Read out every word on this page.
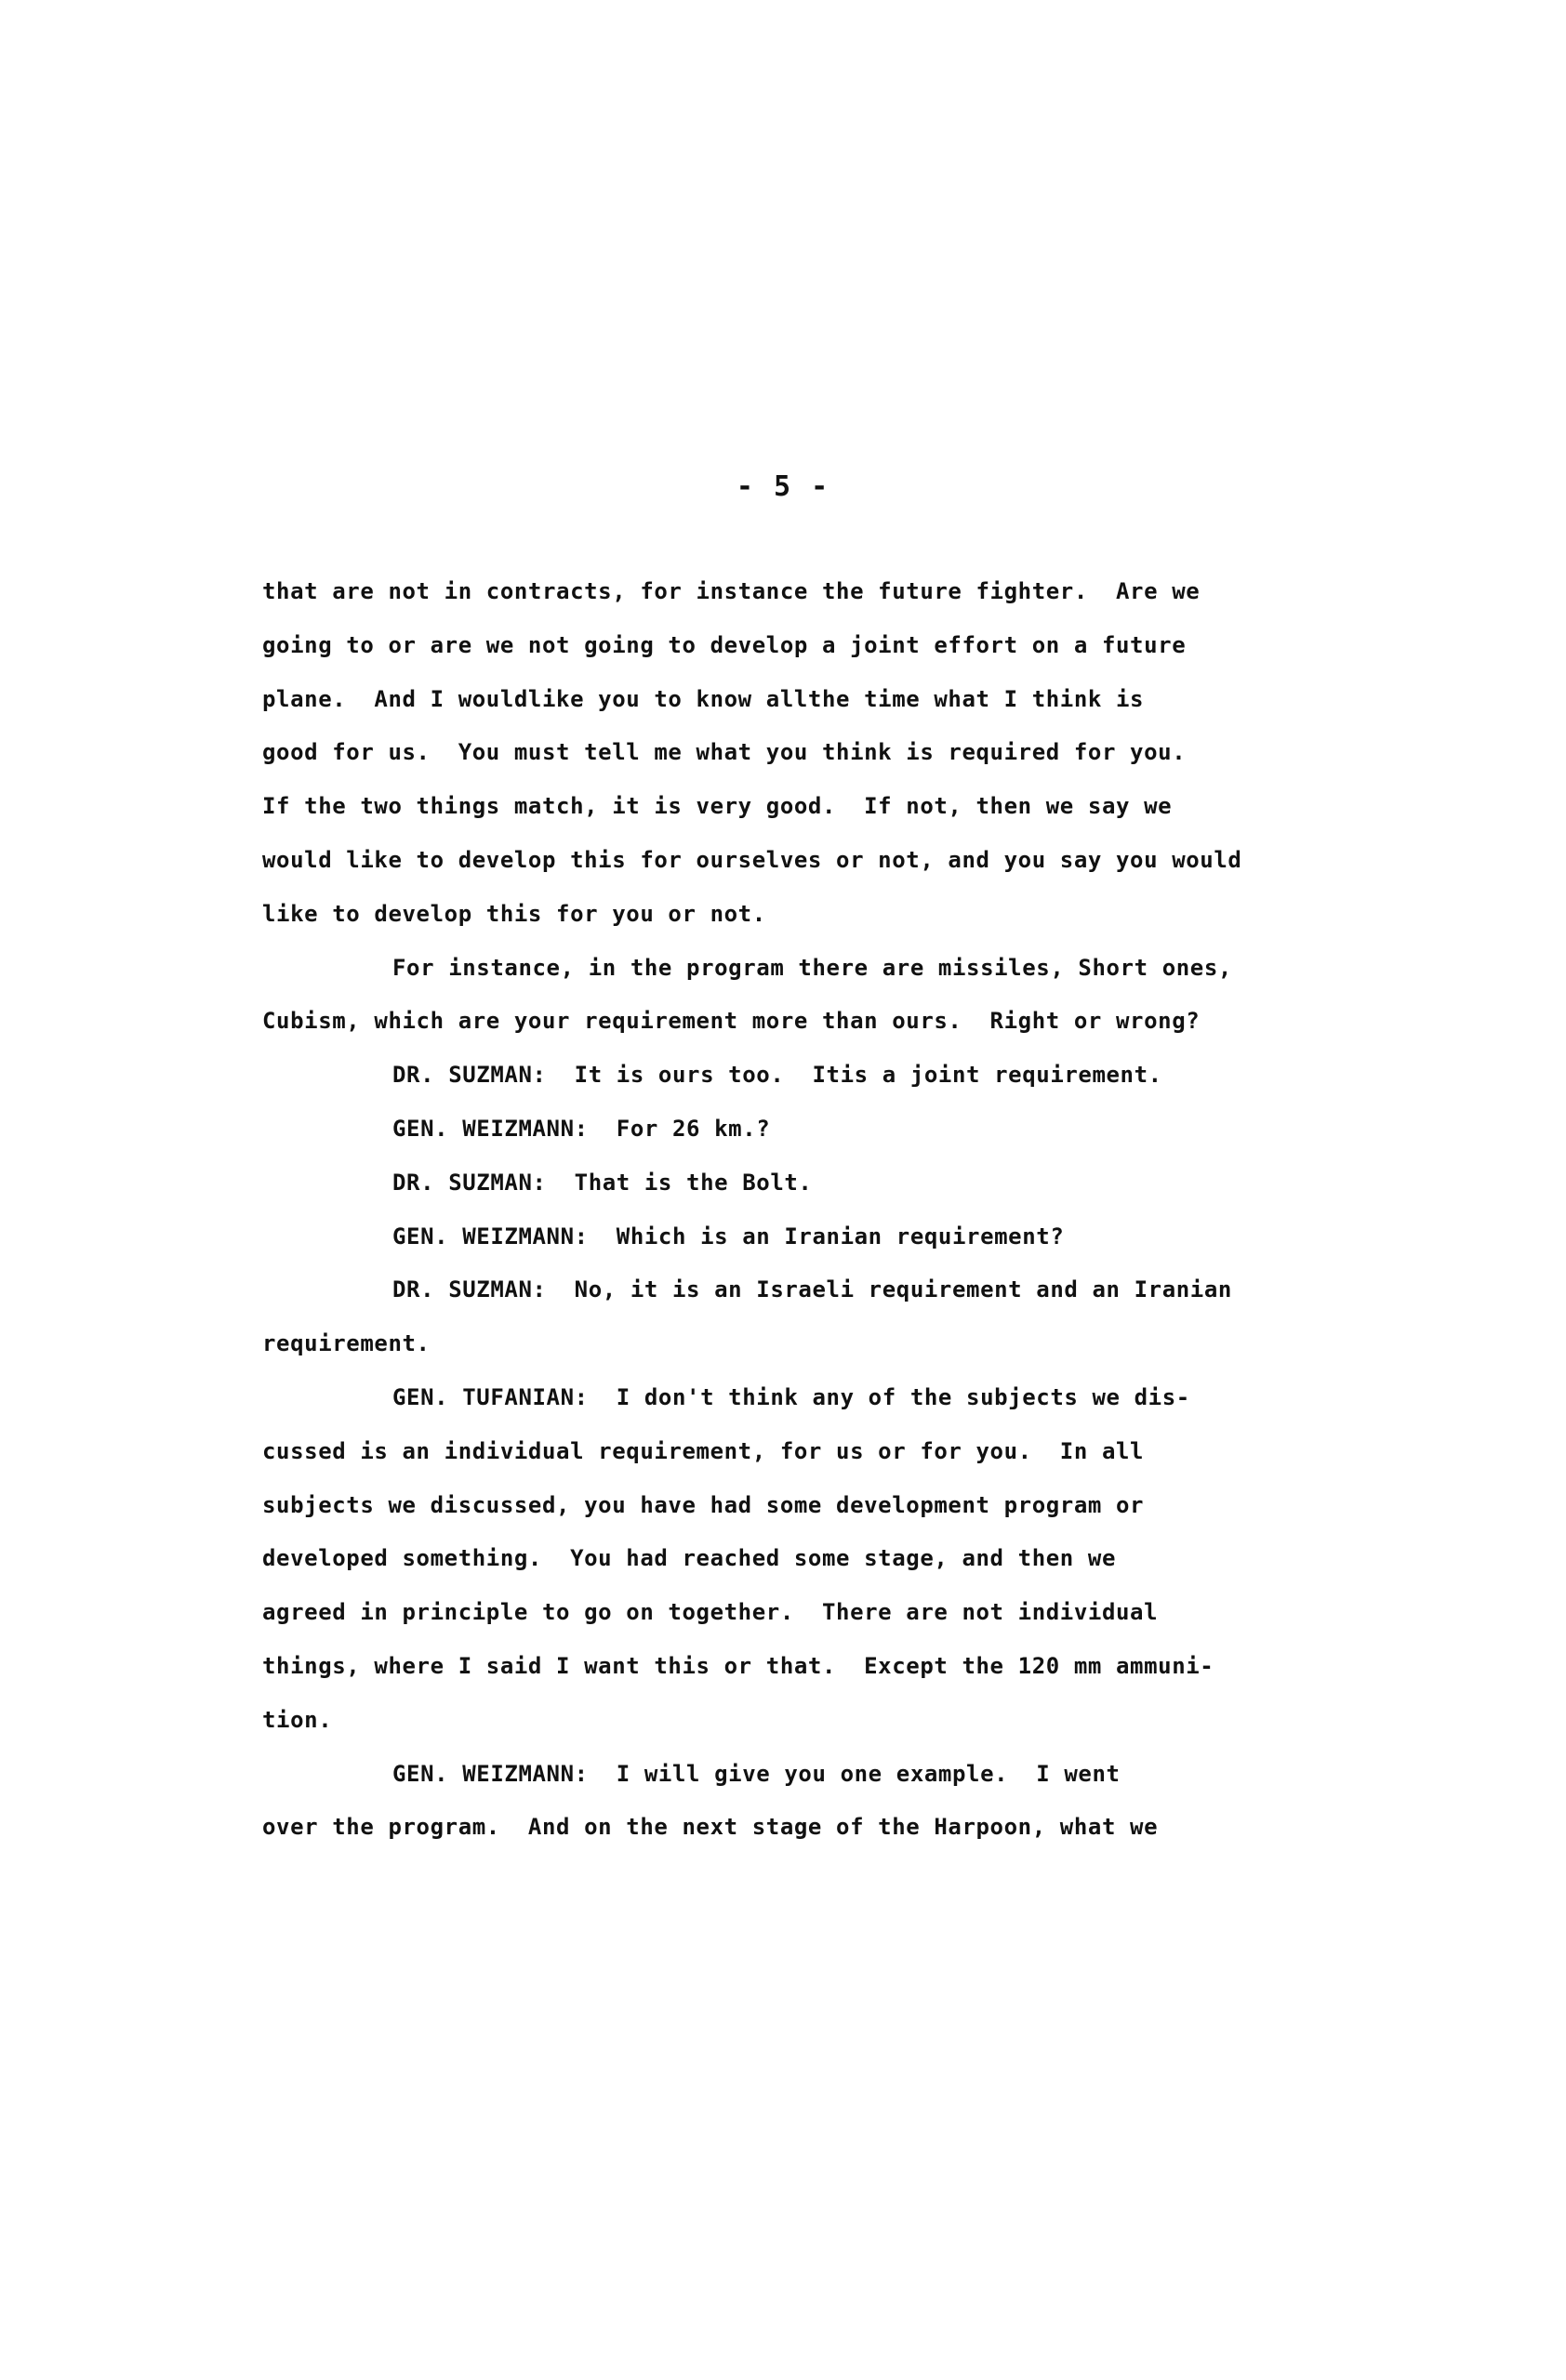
- 5 -
that are not in contracts, for instance the future fighter.  Are we
going to or are we not going to develop a joint effort on a future
plane.  And I wouldlike you to know allthe time what I think is
good for us.  You must tell me what you think is required for you.
If the two things match, it is very good.  If not, then we say we
would like to develop this for ourselves or not, and you say you would
like to develop this for you or not.
For instance, in the program there are missiles, Short ones,
Cubism, which are your requirement more than ours.  Right or wrong?
DR. SUZMAN:  It is ours too.  Itis a joint requirement.
GEN. WEIZMANN:  For 26 km.?
DR. SUZMAN:  That is the Bolt.
GEN. WEIZMANN:  Which is an Iranian requirement?
DR. SUZMAN:  No, it is an Israeli requirement and an Iranian
requirement.
GEN. TUFANIAN:  I don't think any of the subjects we dis-
cussed is an individual requirement, for us or for you.  In all
subjects we discussed, you have had some development program or
developed something.  You had reached some stage, and then we
agreed in principle to go on together.  There are not individual
things, where I said I want this or that.  Except the 120 mm ammuni-
tion.
GEN. WEIZMANN:  I will give you one example.  I went
over the program.  And on the next stage of the Harpoon, what we
